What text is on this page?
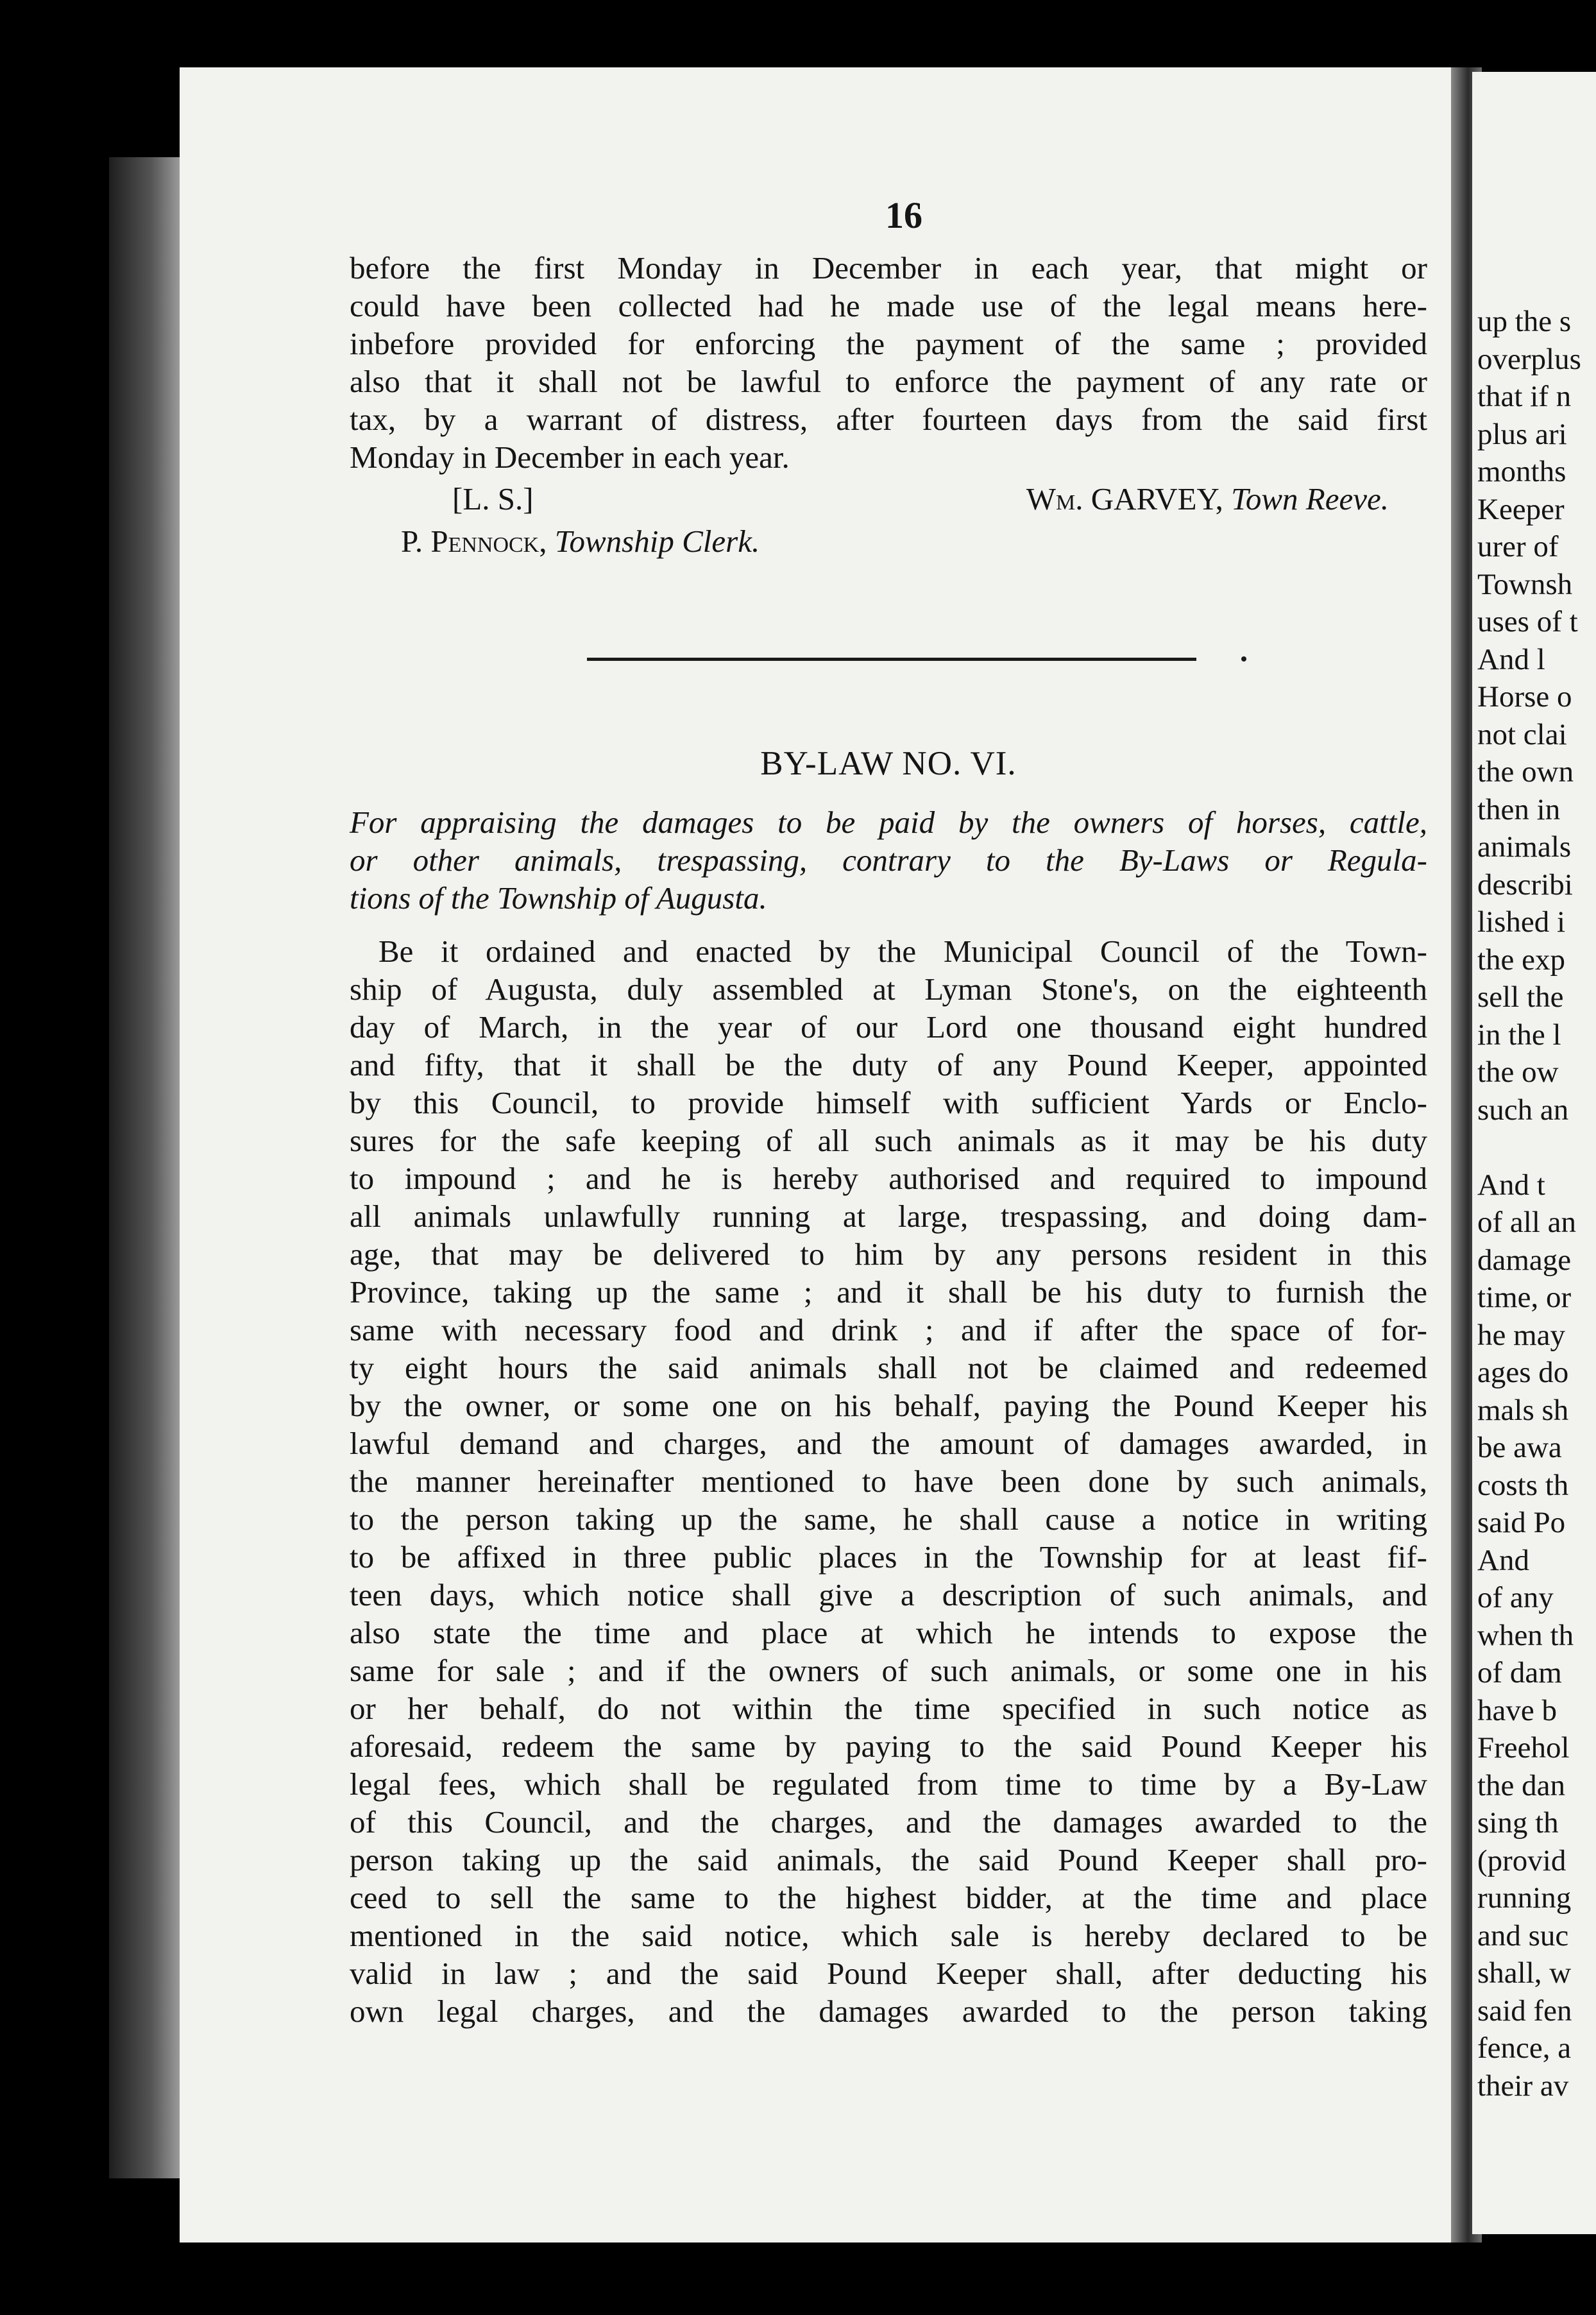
up the s
overplus
that if n
plus ari
months
Keeper
urer of
Townsh
uses of t
And l
Horse o
not clai
the own
then in
animals
describi
lished i
the exp
sell the
in the l
the ow
such an
And t
of all an
damage
time, or
he may
ages do
mals sh
be awa
costs th
said Po
And
of any
when th
of dam
have b
Freehol
the dan
sing th
(provid
running
and suc
shall, w
said fen
fence, a
their av
16
before the first Monday in December in each year, that might or
could have been collected had he made use of the legal means here-
inbefore provided for enforcing the payment of the same ; provided
also that it shall not be lawful to enforce the payment of any rate or
tax, by a warrant of distress, after fourteen days from the said first
Monday in December in each year.
[L. S.]	Wm. GARVEY, Town Reeve.
P. Pennock, Township Clerk.
BY-LAW NO. VI.
For appraising the damages to be paid by the owners of horses, cattle,
or other animals, trespassing, contrary to the By-Laws or Regula-
tions of the Township of Augusta.
Be it ordained and enacted by the Municipal Council of the Town-
ship of Augusta, duly assembled at Lyman Stone's, on the eighteenth
day of March, in the year of our Lord one thousand eight hundred
and fifty, that it shall be the duty of any Pound Keeper, appointed
by this Council, to provide himself with sufficient Yards or Enclo-
sures for the safe keeping of all such animals as it may be his duty
to impound ; and he is hereby authorised and required to impound
all animals unlawfully running at large, trespassing, and doing dam-
age, that may be delivered to him by any persons resident in this
Province, taking up the same ; and it shall be his duty to furnish the
same with necessary food and drink ; and if after the space of for-
ty eight hours the said animals shall not be claimed and redeemed
by the owner, or some one on his behalf, paying the Pound Keeper his
lawful demand and charges, and the amount of damages awarded, in
the manner hereinafter mentioned to have been done by such animals,
to the person taking up the same, he shall cause a notice in writing
to be affixed in three public places in the Township for at least fif-
teen days, which notice shall give a description of such animals, and
also state the time and place at which he intends to expose the
same for sale ; and if the owners of such animals, or some one in his
or her behalf, do not within the time specified in such notice as
aforesaid, redeem the same by paying to the said Pound Keeper his
legal fees, which shall be regulated from time to time by a By-Law
of this Council, and the charges, and the damages awarded to the
person taking up the said animals, the said Pound Keeper shall pro-
ceed to sell the same to the highest bidder, at the time and place
mentioned in the said notice, which sale is hereby declared to be
valid in law ; and the said Pound Keeper shall, after deducting his
own legal charges, and the damages awarded to the person taking
